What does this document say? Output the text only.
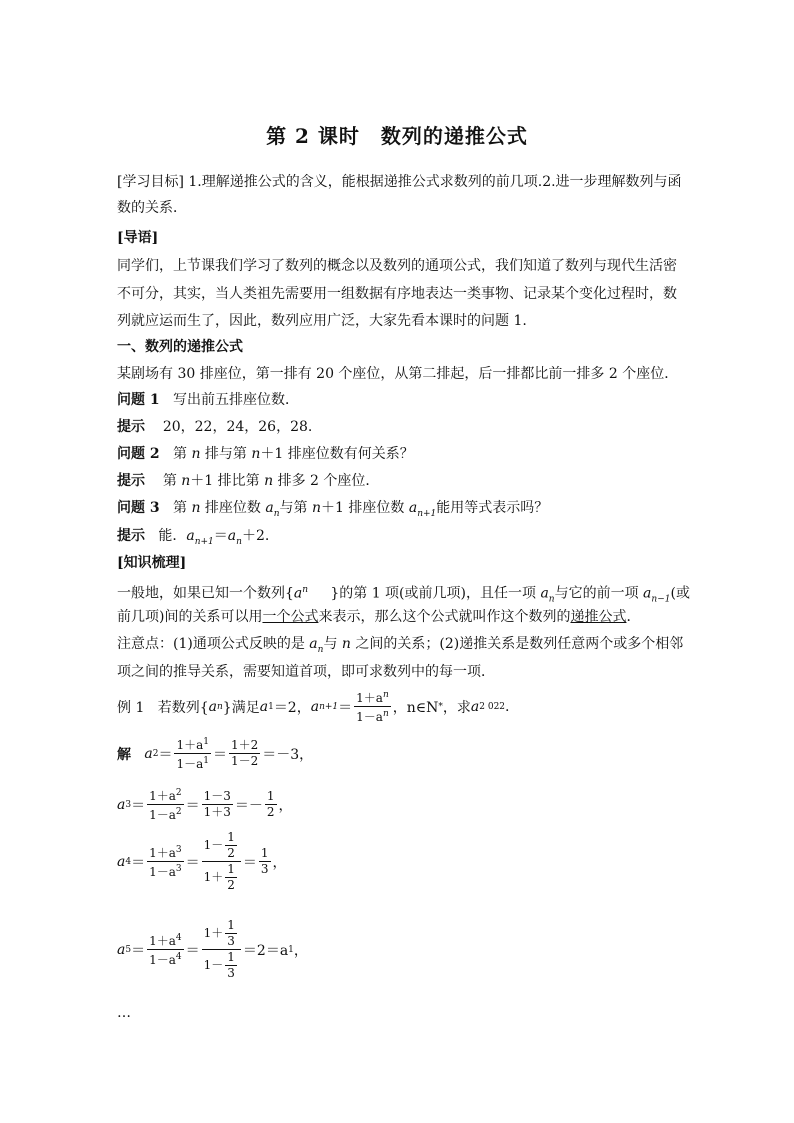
第 2 课时　数列的递推公式
[学习目标] 1.理解递推公式的含义，能根据递推公式求数列的前几项.2.进一步理解数列与函
数的关系．
[导语]
同学们，上节课我们学习了数列的概念以及数列的通项公式，我们知道了数列与现代生活密
不可分，其实，当人类祖先需要用一组数据有序地表达一类事物、记录某个变化过程时，数
列就应运而生了，因此，数列应用广泛，大家先看本课时的问题 1.
一、数列的递推公式
某剧场有 30 排座位，第一排有 20 个座位，从第二排起，后一排都比前一排多 2 个座位．
问题 1 写出前五排座位数．
提示 20，22，24，26，28.
问题 2 第 n 排与第 n＋1 排座位数有何关系？
提示 第 n＋1 排比第 n 排多 2 个座位．
问题 3 第 n 排座位数 $a_n$与第 n＋1 排座位数 $a_{n+1}$能用等式表示吗？
提示 能．$a_{n+1}=a_n+2$.
[知识梳理]
一般地，如果已知一个数列{$a^n$ }的第 1 项(或前几项)，且任一项 $a_n$与它的前一项 $a_{n-1}$(或
前几项)间的关系可以用一个公式来表示，那么这个公式就叫作这个数列的递推公式．
注意点：(1)通项公式反映的是 $a_n$与 n 之间的关系；(2)递推关系是数列任意两个或多个相邻
项之间的推导关系，需要知道首项，即可求数列中的每一项．
例 1
若数列{ a n }满足 a 1 ＝2， a $n+1 = \frac{1+a^n}{1-a^n}$ ，n∈N * ，求 a 2 022 .
解
a $2 = \frac{1+a^1}{1-a^1} = \frac{1+2}{1-2} =-3$，
a $3 = \frac{1+a^2}{1-a^2} = \frac{1-3}{1+3} =- \frac{1}{2}$ ，
a $4 = \frac{1+a^3}{1-a^3} = \frac{1- \frac{1}{2}}{1+ \frac{1}{2}} = \frac{1}{3}$ ，
a $5 = \frac{1+a^4}{1-a^4} = \frac{1+ \frac{1}{3}}{1- \frac{1}{3}} =2=a$ 1 ，
…
